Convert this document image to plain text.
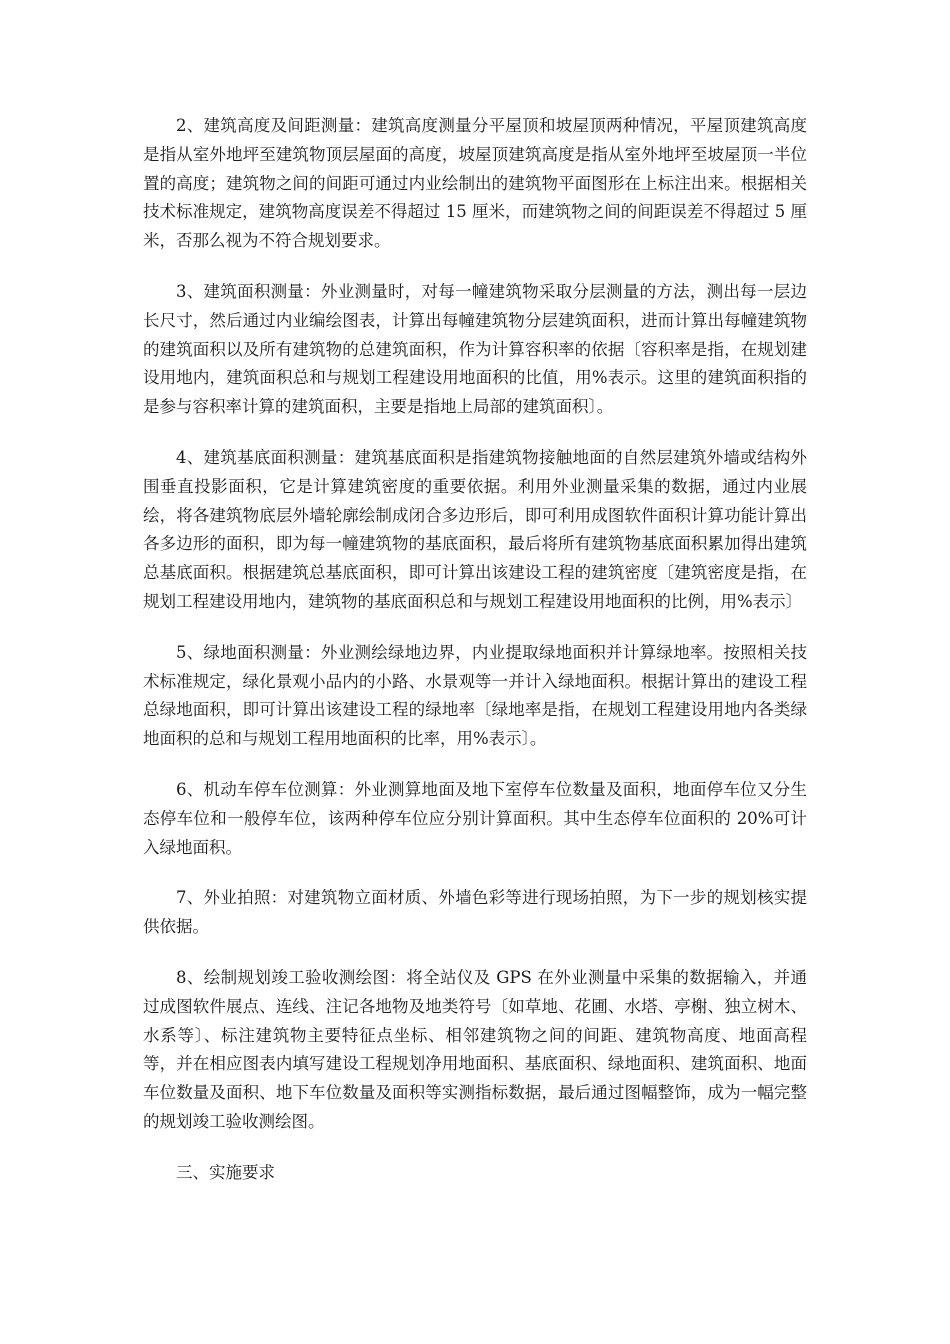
2、建筑高度及间距测量：建筑高度测量分平屋顶和坡屋顶两种情况，平屋顶建筑高度是指从室外地坪至建筑物顶层屋面的高度，坡屋顶建筑高度是指从室外地坪至坡屋顶一半位置的高度；建筑物之间的间距可通过内业绘制出的建筑物平面图形在上标注出来。根据相关技术标准规定，建筑物高度误差不得超过 15 厘米，而建筑物之间的间距误差不得超过 5 厘米，否那么视为不符合规划要求。

3、建筑面积测量：外业测量时，对每一幢建筑物采取分层测量的方法，测出每一层边长尺寸，然后通过内业编绘图表，计算出每幢建筑物分层建筑面积，进而计算出每幢建筑物的建筑面积以及所有建筑物的总建筑面积，作为计算容积率的依据〔容积率是指，在规划建设用地内，建筑面积总和与规划工程建设用地面积的比值，用%表示。这里的建筑面积指的是参与容积率计算的建筑面积，主要是指地上局部的建筑面积〕。

4、建筑基底面积测量：建筑基底面积是指建筑物接触地面的自然层建筑外墙或结构外围垂直投影面积，它是计算建筑密度的重要依据。利用外业测量采集的数据，通过内业展绘，将各建筑物底层外墙轮廓绘制成闭合多边形后，即可利用成图软件面积计算功能计算出各多边形的面积，即为每一幢建筑物的基底面积，最后将所有建筑物基底面积累加得出建筑总基底面积。根据建筑总基底面积，即可计算出该建设工程的建筑密度〔建筑密度是指，在规划工程建设用地内，建筑物的基底面积总和与规划工程建设用地面积的比例，用%表示〕

5、绿地面积测量：外业测绘绿地边界，内业提取绿地面积并计算绿地率。按照相关技术标准规定，绿化景观小品内的小路、水景观等一并计入绿地面积。根据计算出的建设工程总绿地面积，即可计算出该建设工程的绿地率〔绿地率是指，在规划工程建设用地内各类绿地面积的总和与规划工程用地面积的比率，用%表示〕。

6、机动车停车位测算：外业测算地面及地下室停车位数量及面积，地面停车位又分生态停车位和一般停车位，该两种停车位应分别计算面积。其中生态停车位面积的 20%可计入绿地面积。

7、外业拍照：对建筑物立面材质、外墙色彩等进行现场拍照，为下一步的规划核实提供依据。

8、绘制规划竣工验收测绘图：将全站仪及 GPS 在外业测量中采集的数据输入，并通过成图软件展点、连线、注记各地物及地类符号〔如草地、花圃、水塔、亭榭、独立树木、水系等〕、标注建筑物主要特征点坐标、相邻建筑物之间的间距、建筑物高度、地面高程等，并在相应图表内填写建设工程规划净用地面积、基底面积、绿地面积、建筑面积、地面车位数量及面积、地下车位数量及面积等实测指标数据，最后通过图幅整饰，成为一幅完整的规划竣工验收测绘图。

三、实施要求
